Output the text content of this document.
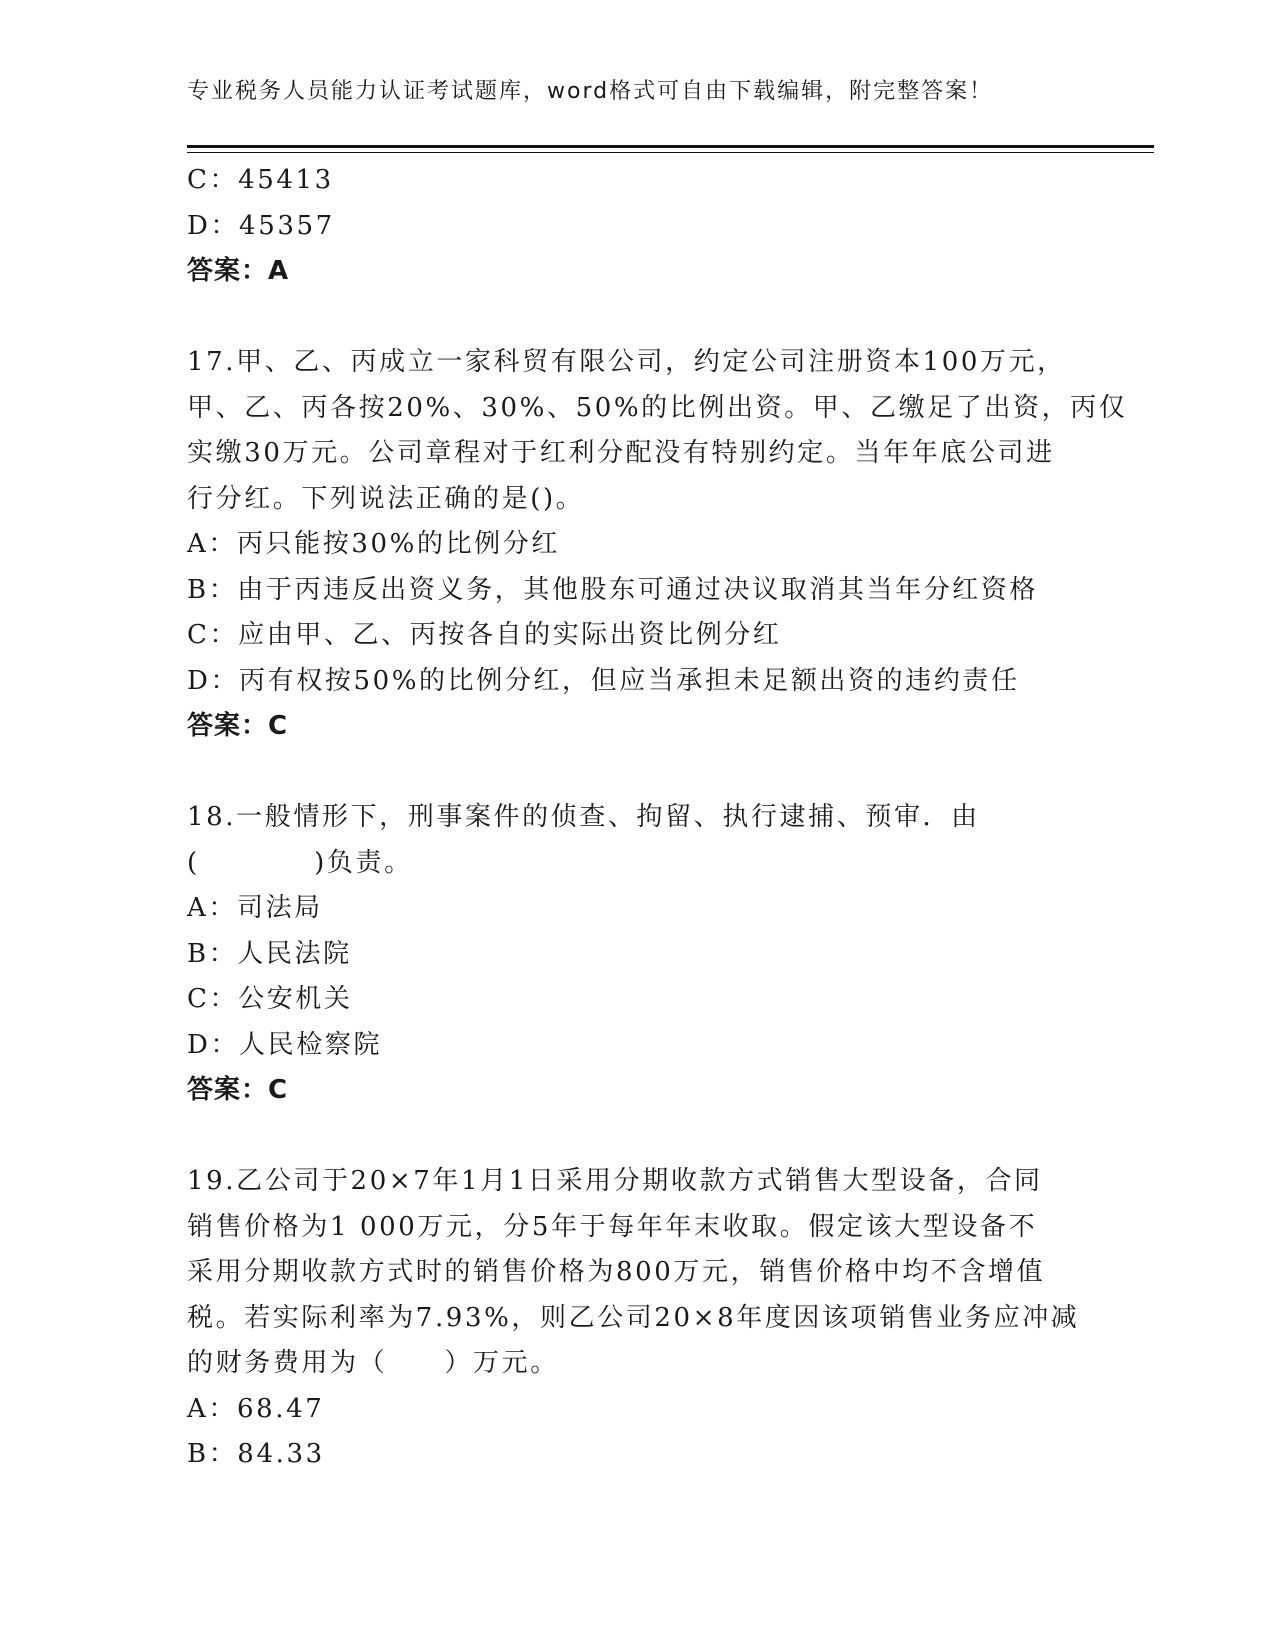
专业税务人员能力认证考试题库，word格式可自由下载编辑，附完整答案！
C：45413
D：45357
答案：A
17.甲、乙、丙成立一家科贸有限公司，约定公司注册资本100万元，
甲、乙、丙各按20%、30%、50%的比例出资。甲、乙缴足了出资，丙仅
实缴30万元。公司章程对于红利分配没有特别约定。当年年底公司进
行分红。下列说法正确的是()。
A：丙只能按30%的比例分红
B：由于丙违反出资义务，其他股东可通过决议取消其当年分红资格
C：应由甲、乙、丙按各自的实际出资比例分红
D：丙有权按50%的比例分红，但应当承担未足额出资的违约责任
答案：C
18.一般情形下，刑事案件的侦查、拘留、执行逮捕、预审．由
(　　　　)负责。
A：司法局
B：人民法院
C：公安机关
D：人民检察院
答案：C
19.乙公司于20×7年1月1日采用分期收款方式销售大型设备，合同
销售价格为1 000万元，分5年于每年年末收取。假定该大型设备不
采用分期收款方式时的销售价格为800万元，销售价格中均不含增值
税。若实际利率为7.93%，则乙公司20×8年度因该项销售业务应冲减
的财务费用为（　　）万元。
A：68.47
B：84.33
